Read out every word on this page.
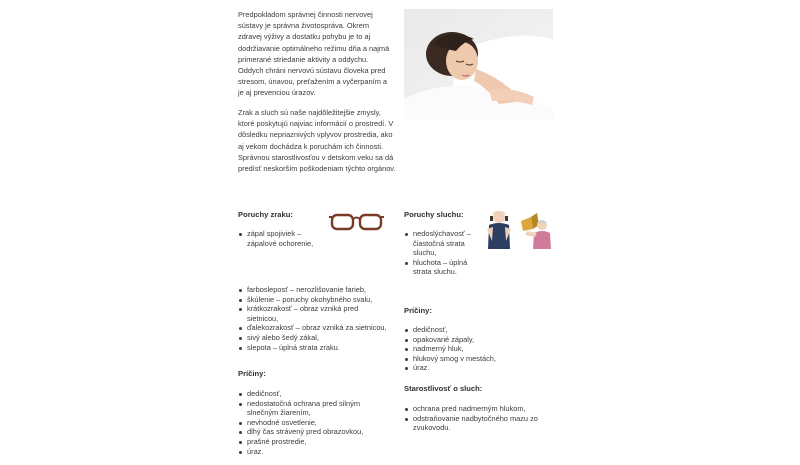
Predpokladom správnej činnosti nervovej sústavy je správna životospráva. Okrem zdravej výživy a dostatku pohybu je to aj dodržiavanie optimálneho režimu dňa a najmä primerané striedanie aktivity a oddychu. Oddych chráni nervovú sústavu človeka pred stresom, únavou, preťažením a vyčerpaním a je aj prevenciou úrazov.

Zrak a sluch sú naše najdôležitejšie zmysly, ktoré poskytujú najviac informácií o prostredí. V dôsledku nepriaznivých vplyvov prostredia, ako aj vekom dochádza k poruchám ich činnosti. Správnou starostlivosťou v detskom veku sa dá predísť neskorším poškodeniam týchto orgánov.

Poruchy zraku:

zápal spojiviek – zápalové ochorenie,
farbosleposť – nerozlišovanie farieb,
škúlenie – poruchy okohybného svalu,
krátkozrakosť – obraz vzniká pred sietnicou,
ďalekozrakosť – obraz vzniká za sietnicou,
sivý alebo šedý zákal,
slepota – úplná strata zraku.

Príčiny:

dedičnosť,
nedostatočná ochrana pred silným slnečným žiarením,
nevhodné osvetlenie,
dlhý čas strávený pred obrazovkou,
prašné prostredie,
úraz.

Poruchy sluchu:

nedoslýchavosť – čiastočná strata sluchu,
hluchota – úplná strata sluchu.

Príčiny:

dedičnosť,
opakované zápaly,
nadmerný hluk,
hlukový smog v mestách,
úraz.

Starostlivosť o sluch:

ochrana pred nadmerným hlukom,
odstraňovanie nadbytočného mazu zo zvukovodu.
